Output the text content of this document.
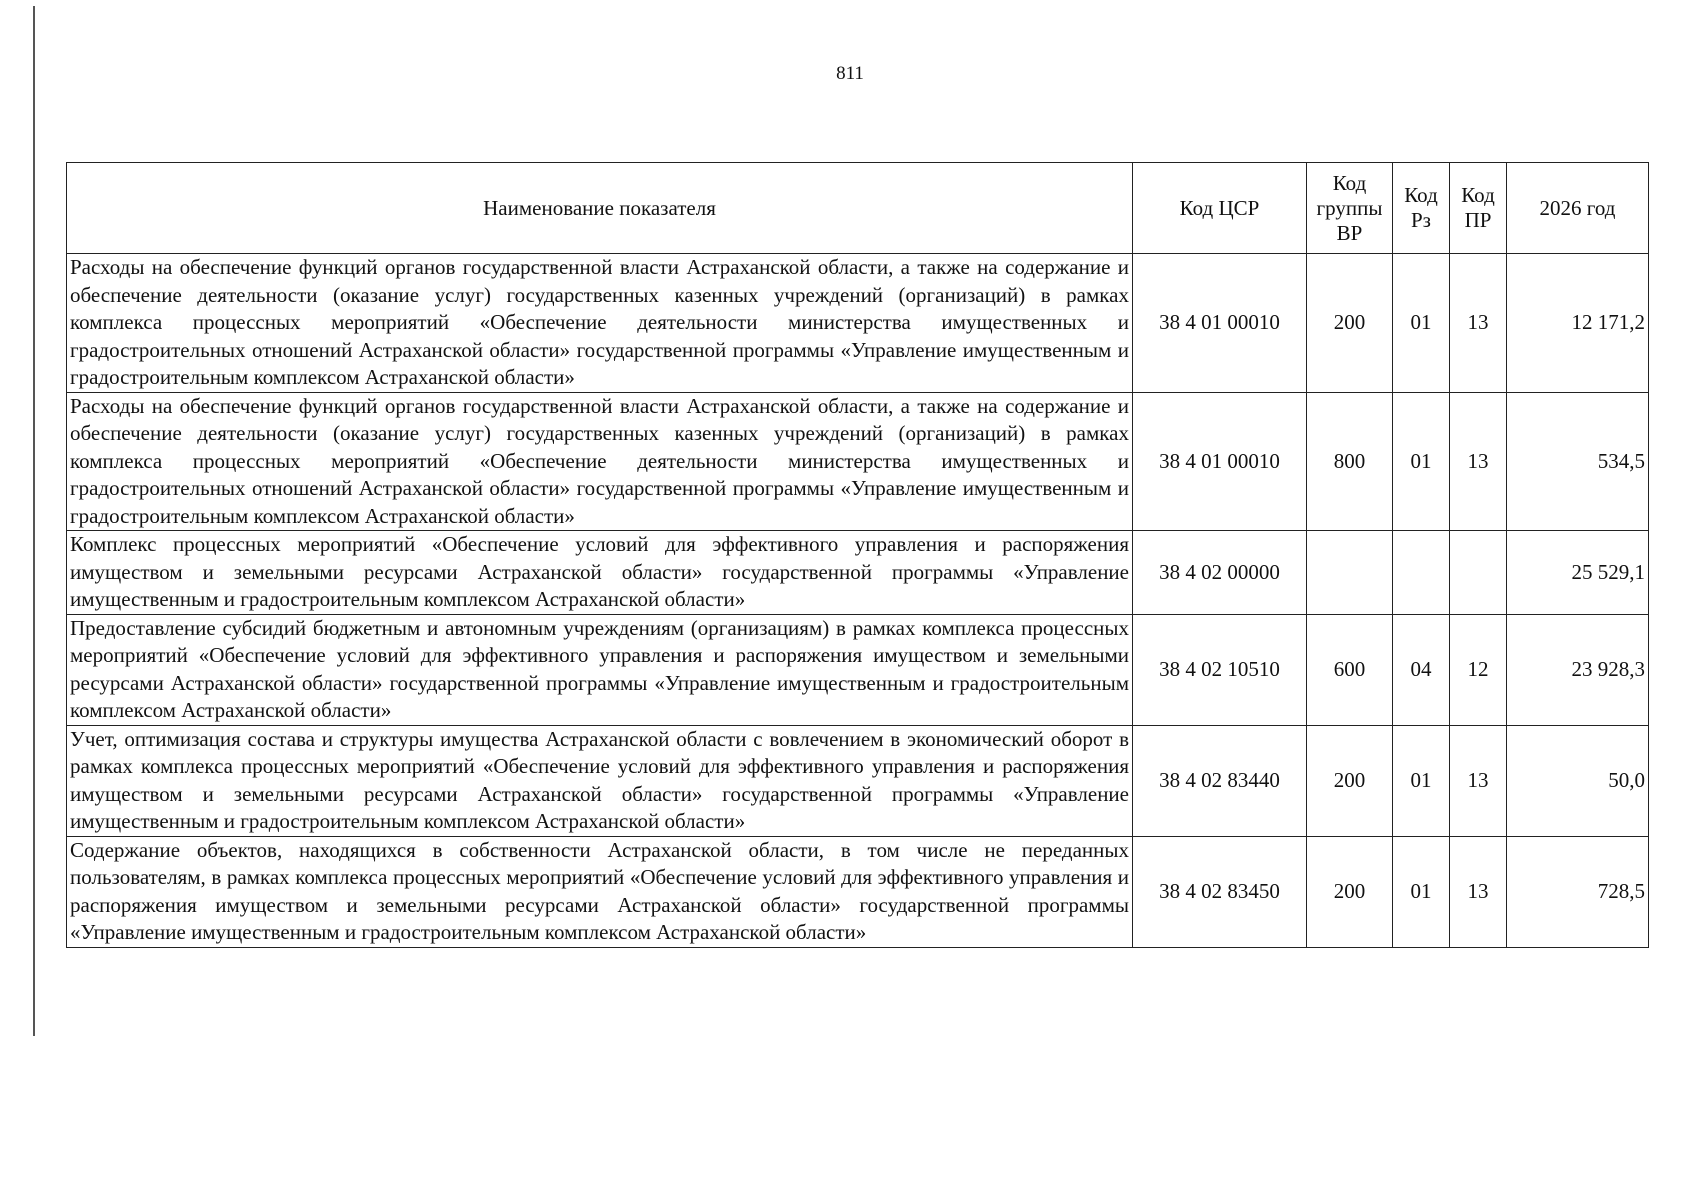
811
Наименование показателя	Код ЦСР	Код группы ВР	Код Рз	Код ПР	2026 год
Расходы на обеспечение функций органов государственной власти Астраханской области, а также на содержание и обеспечение деятельности (оказание услуг) государственных казенных учреждений (организаций) в рамках комплекса процессных мероприятий «Обеспечение деятельности министерства имущественных и градостроительных отношений Астраханской области» государственной программы «Управление имущественным и градостроительным комплексом Астраханской области»	38 4 01 00010	200	01	13	12 171,2
Расходы на обеспечение функций органов государственной власти Астраханской области, а также на содержание и обеспечение деятельности (оказание услуг) государственных казенных учреждений (организаций) в рамках комплекса процессных мероприятий «Обеспечение деятельности министерства имущественных и градостроительных отношений Астраханской области» государственной программы «Управление имущественным и градостроительным комплексом Астраханской области»	38 4 01 00010	800	01	13	534,5
Комплекс процессных мероприятий «Обеспечение условий для эффективного управления и распоряжения имуществом и земельными ресурсами Астраханской области» государственной программы «Управление имущественным и градостроительным комплексом Астраханской области»	38 4 02 00000				25 529,1
Предоставление субсидий бюджетным и автономным учреждениям (организациям) в рамках комплекса процессных мероприятий «Обеспечение условий для эффективного управления и распоряжения имуществом и земельными ресурсами Астраханской области» государственной программы «Управление имущественным и градостроительным комплексом Астраханской области»	38 4 02 10510	600	04	12	23 928,3
Учет, оптимизация состава и структуры имущества Астраханской области с вовлечением в экономический оборот в рамках комплекса процессных мероприятий «Обеспечение условий для эффективного управления и распоряжения имуществом и земельными ресурсами Астраханской области» государственной программы «Управление имущественным и градостроительным комплексом Астраханской области»	38 4 02 83440	200	01	13	50,0
Содержание объектов, находящихся в собственности Астраханской области, в том числе не переданных пользователям, в рамках комплекса процессных мероприятий «Обеспечение условий для эффективного управления и распоряжения имуществом и земельными ресурсами Астраханской области» государственной программы «Управление имущественным и градостроительным комплексом Астраханской области»	38 4 02 83450	200	01	13	728,5
